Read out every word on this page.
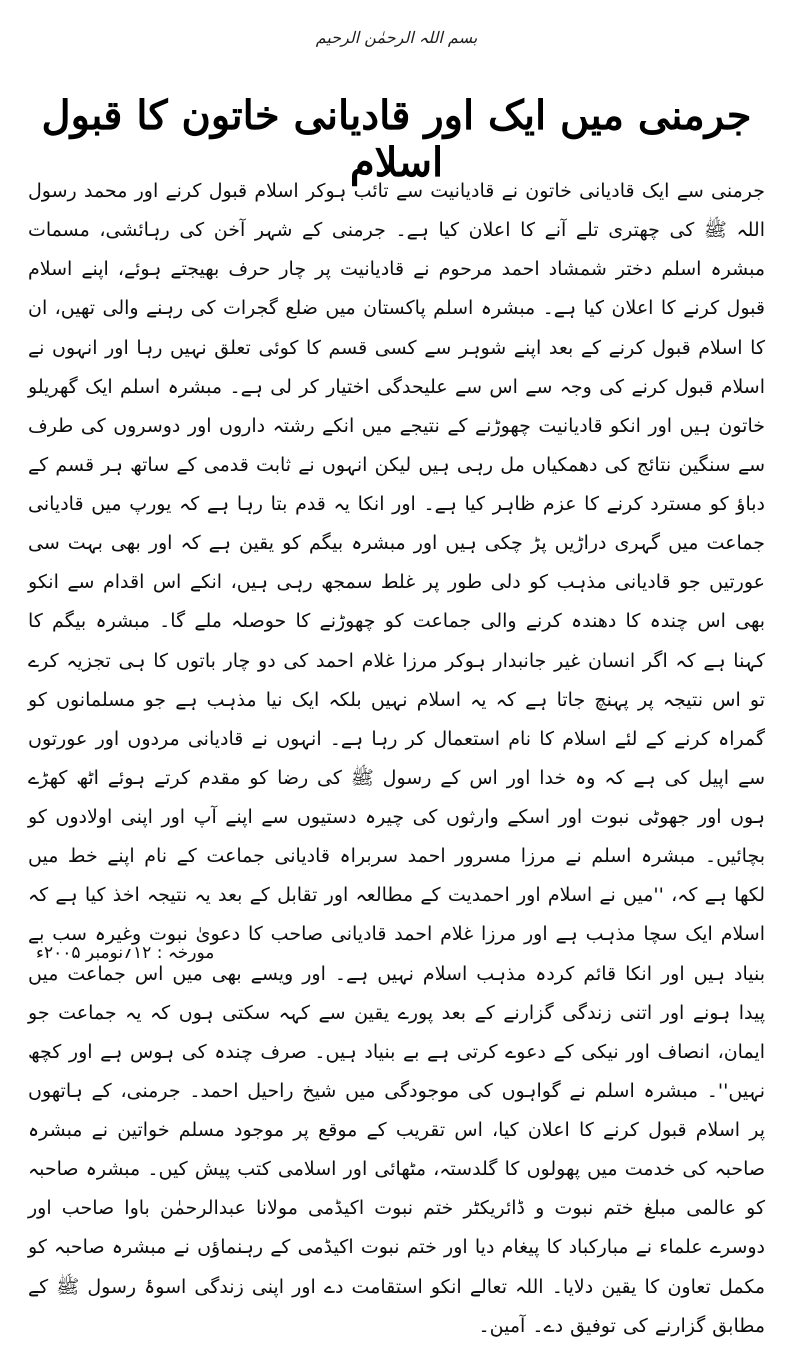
بسم اللہ الرحمٰن الرحیم
جرمنی میں ایک اور قادیانی خاتون کا قبول اسلام

جرمنی سے ایک قادیانی خاتون نے قادیانیت سے تائب ہوکر اسلام قبول کرنے اور محمد رسول اللہ ﷺ کی چھتری تلے آنے کا اعلان کیا ہے۔ جرمنی کے شہر آخن کی رہائشی، مسمات مبشرہ اسلم دختر شمشاد احمد مرحوم نے قادیانیت پر چار حرف بھیجتے ہوئے، اپنے اسلام قبول کرنے کا اعلان کیا ہے۔ مبشرہ اسلم پاکستان میں ضلع گجرات کی رہنے والی تھیں، ان کا اسلام قبول کرنے کے بعد اپنے شوہر سے کسی قسم کا کوئی تعلق نہیں رہا اور انہوں نے اسلام قبول کرنے کی وجہ سے اس سے علیحدگی اختیار کر لی ہے۔ مبشرہ اسلم ایک گھریلو خاتون ہیں اور انکو قادیانیت چھوڑنے کے نتیجے میں انکے رشتہ داروں اور دوسروں کی طرف سے سنگین نتائج کی دھمکیاں مل رہی ہیں لیکن انہوں نے ثابت قدمی کے ساتھ ہر قسم کے دباؤ کو مسترد کرنے کا عزم ظاہر کیا ہے۔ اور انکا یہ قدم بتا رہا ہے کہ یورپ میں قادیانی جماعت میں گہری دراڑیں پڑ چکی ہیں اور مبشرہ بیگم کو یقین ہے کہ اور بھی بہت سی عورتیں جو قادیانی مذہب کو دلی طور پر غلط سمجھ رہی ہیں، انکے اس اقدام سے انکو بھی اس چندہ کا دھندہ کرنے والی جماعت کو چھوڑنے کا حوصلہ ملے گا۔ مبشرہ بیگم کا کہنا ہے کہ اگر انسان غیر جانبدار ہوکر مرزا غلام احمد کی دو چار باتوں کا ہی تجزیہ کرے تو اس نتیجہ پر پہنچ جاتا ہے کہ یہ اسلام نہیں بلکہ ایک نیا مذہب ہے جو مسلمانوں کو گمراہ کرنے کے لئے اسلام کا نام استعمال کر رہا ہے۔ انہوں نے قادیانی مردوں اور عورتوں سے اپیل کی ہے کہ وہ خدا اور اس کے رسول ﷺ کی رضا کو مقدم کرتے ہوئے اٹھ کھڑے ہوں اور جھوٹی نبوت اور اسکے وارثوں کی چیرہ دستیوں سے اپنے آپ اور اپنی اولادوں کو بچائیں۔ مبشرہ اسلم نے مرزا مسرور احمد سربراہ قادیانی جماعت کے نام اپنے خط میں لکھا ہے کہ، ''میں نے اسلام اور احمدیت کے مطالعہ اور تقابل کے بعد یہ نتیجہ اخذ کیا ہے کہ اسلام ایک سچا مذہب ہے اور مرزا غلام احمد قادیانی صاحب کا دعویٰ نبوت وغیرہ سب بے بنیاد ہیں اور انکا قائم کردہ مذہب اسلام نہیں ہے۔ اور ویسے بھی میں اس جماعت میں پیدا ہونے اور اتنی زندگی گزارنے کے بعد پورے یقین سے کہہ سکتی ہوں کہ یہ جماعت جو ایمان، انصاف اور نیکی کے دعوے کرتی ہے بے بنیاد ہیں۔ صرف چندہ کی ہوس ہے اور کچھ نہیں''۔ مبشرہ اسلم نے گواہوں کی موجودگی میں شیخ راحیل احمد۔ جرمنی، کے ہاتھوں پر اسلام قبول کرنے کا اعلان کیا، اس تقریب کے موقع پر موجود مسلم خواتین نے مبشرہ صاحبہ کی خدمت میں پھولوں کا گلدستہ، مٹھائی اور اسلامی کتب پیش کیں۔ مبشرہ صاحبہ کو عالمی مبلغ ختم نبوت و ڈائریکٹر ختم نبوت اکیڈمی مولانا عبدالرحمٰن باوا صاحب اور دوسرے علماء نے مبارکباد کا پیغام دیا اور ختم نبوت اکیڈمی کے رہنماؤں نے مبشرہ صاحبہ کو مکمل تعاون کا یقین دلایا۔ اللہ تعالے انکو استقامت دے اور اپنی زندگی اسوۂ رسول ﷺ کے مطابق گزارنے کی توفیق دے۔ آمین۔

مورخہ : ۱۲؍نومبر ۲۰۰۵ء
